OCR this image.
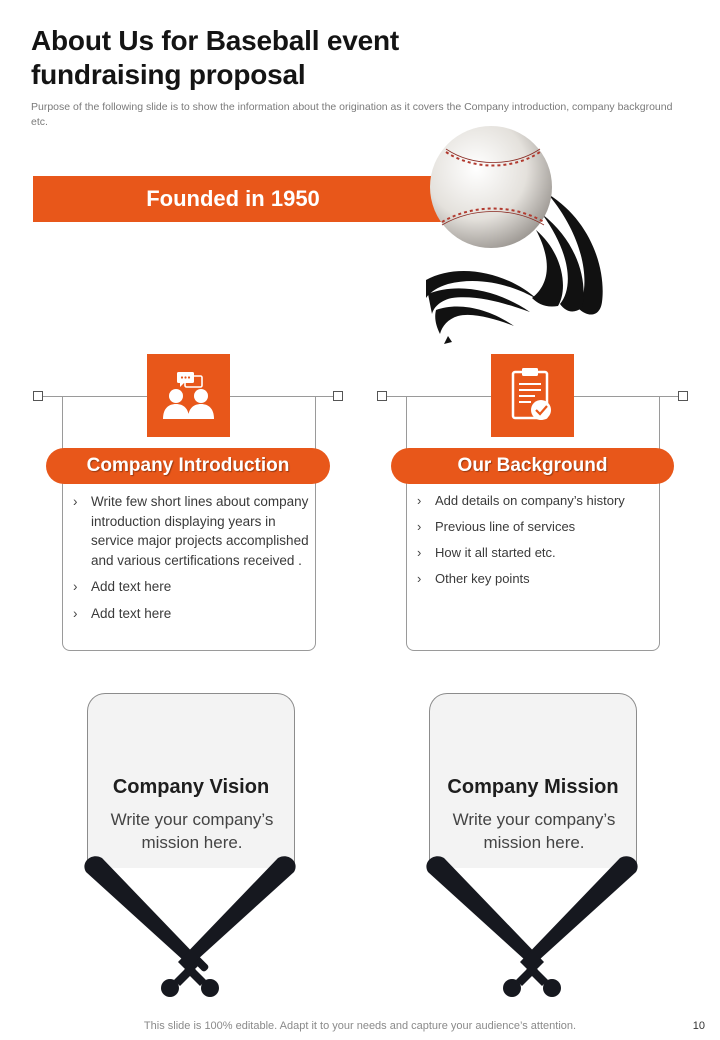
About Us for Baseball event fundraising proposal

Purpose of the following slide is to show the information about the origination as it covers the Company introduction, company background etc.

Founded in 1950
Company Introduction
› Write few short lines about company introduction displaying years in service major projects accomplished and various certifications received .
› Add text here
› Add text here
Our Background
› Add details on company’s history
› Previous line of services
› How it all started etc.
› Other key points
Company Vision
Write your company’s mission here.
Company Mission
Write your company’s mission here.
This slide is 100% editable. Adapt it to your needs and capture your audience’s attention.	10
